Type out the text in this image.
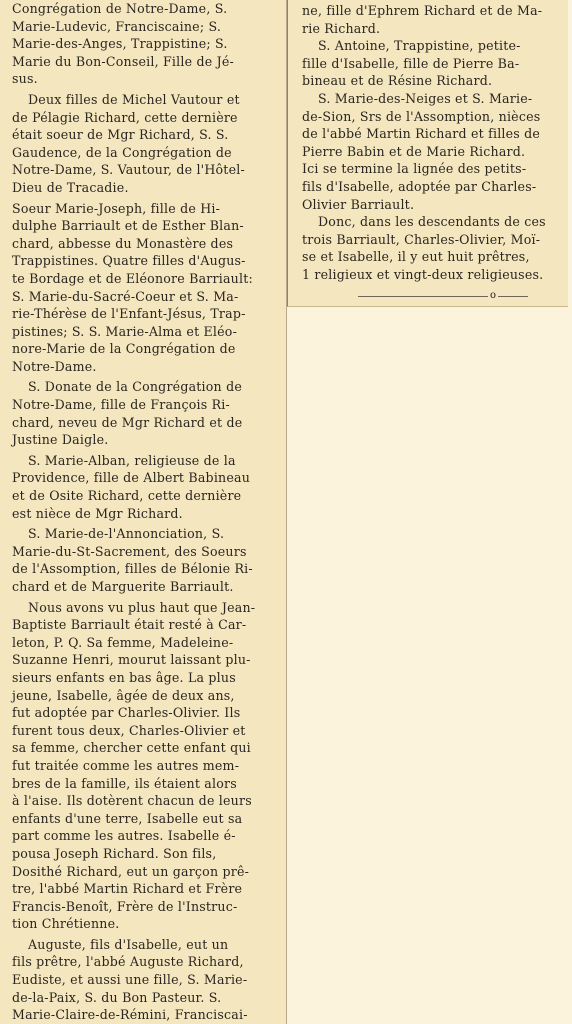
Congrégation de Notre-Dame, S.
Marie-Ludevic, Franciscaine; S.
Marie-des-Anges, Trappistine; S.
Marie du Bon-Conseil, Fille de Jé-
sus.

Deux filles de Michel Vautour et
de Pélagie Richard, cette dernière
était soeur de Mgr Richard, S. S.
Gaudence, de la Congrégation de
Notre-Dame, S. Vautour, de l'Hôtel-
Dieu de Tracadie.

Soeur Marie-Joseph, fille de Hi-
dulphe Barriault et de Esther Blan-
chard, abbesse du Monastère des
Trappistines. Quatre filles d'Augus-
te Bordage et de Eléonore Barriault:
S. Marie-du-Sacré-Coeur et S. Ma-
rie-Thérèse de l'Enfant-Jésus, Trap-
pistines; S. S. Marie-Alma et Eléo-
nore-Marie de la Congrégation de
Notre-Dame.

S. Donate de la Congrégation de
Notre-Dame, fille de François Ri-
chard, neveu de Mgr Richard et de
Justine Daigle.

S. Marie-Alban, religieuse de la
Providence, fille de Albert Babineau
et de Osite Richard, cette dernière
est nièce de Mgr Richard.

S. Marie-de-l'Annonciation, S.
Marie-du-St-Sacrement, des Soeurs
de l'Assomption, filles de Bélonie Ri-
chard et de Marguerite Barriault.

Nous avons vu plus haut que Jean-
Baptiste Barriault était resté à Car-
leton, P. Q. Sa femme, Madeleine-
Suzanne Henri, mourut laissant plu-
sieurs enfants en bas âge. La plus
jeune, Isabelle, âgée de deux ans,
fut adoptée par Charles-Olivier. Ils
furent tous deux, Charles-Olivier et
sa femme, chercher cette enfant qui
fut traitée comme les autres mem-
bres de la famille, ils étaient alors
à l'aise. Ils dotèrent chacun de leurs
enfants d'une terre, Isabelle eut sa
part comme les autres. Isabelle é-
pousa Joseph Richard. Son fils,
Dosithé Richard, eut un garçon prê-
tre, l'abbé Martin Richard et Frère
Francis-Benoît, Frère de l'Instruc-
tion Chrétienne.

Auguste, fils d'Isabelle, eut un
fils prêtre, l'abbé Auguste Richard,
Eudiste, et aussi une fille, S. Marie-
de-la-Paix, S. du Bon Pasteur. S.
Marie-Claire-de-Rémini, Franciscai-

ne, fille d'Ephrem Richard et de Ma-
rie Richard.

S. Antoine, Trappistine, petite-
fille d'Isabelle, fille de Pierre Ba-
bineau et de Résine Richard.

S. Marie-des-Neiges et S. Marie-
de-Sion, Srs de l'Assomption, nièces
de l'abbé Martin Richard et filles de
Pierre Babin et de Marie Richard.
Ici se termine la lignée des petits-
fils d'Isabelle, adoptée par Charles-
Olivier Barriault.

Donc, dans les descendants de ces
trois Barriault, Charles-Olivier, Moï-
se et Isabelle, il y eut huit prêtres,
1 religieux et vingt-deux religieuses.

o
